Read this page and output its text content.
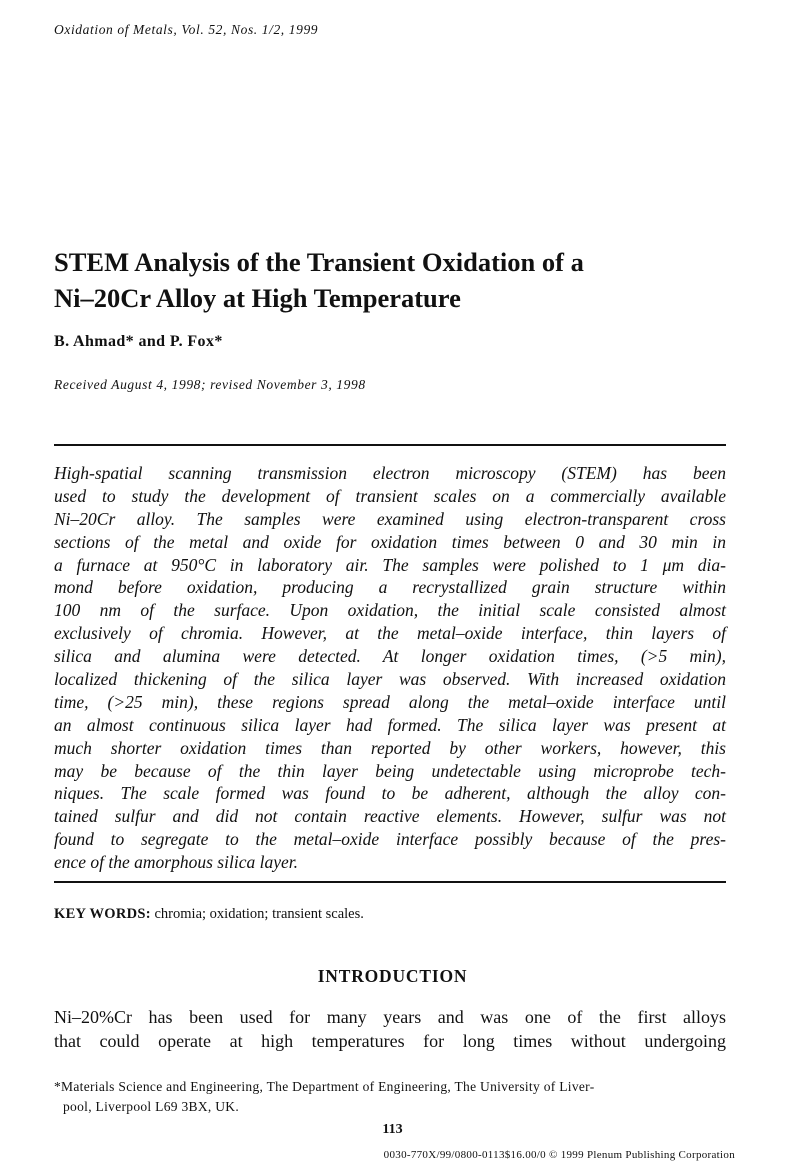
Oxidation of Metals, Vol. 52, Nos. 1/2, 1999
STEM Analysis of the Transient Oxidation of a
Ni–20Cr Alloy at High Temperature
B. Ahmad* and P. Fox*
Received August 4, 1998; revised November 3, 1998
High-spatial scanning transmission electron microscopy (STEM) has been
used to study the development of transient scales on a commercially available
Ni–20Cr alloy. The samples were examined using electron-transparent cross
sections of the metal and oxide for oxidation times between 0 and 30 min in
a furnace at 950°C in laboratory air. The samples were polished to 1 μm dia-
mond before oxidation, producing a recrystallized grain structure within
100 nm of the surface. Upon oxidation, the initial scale consisted almost
exclusively of chromia. However, at the metal–oxide interface, thin layers of
silica and alumina were detected. At longer oxidation times, (>5 min),
localized thickening of the silica layer was observed. With increased oxidation
time, (>25 min), these regions spread along the metal–oxide interface until
an almost continuous silica layer had formed. The silica layer was present at
much shorter oxidation times than reported by other workers, however, this
may be because of the thin layer being undetectable using microprobe tech-
niques. The scale formed was found to be adherent, although the alloy con-
tained sulfur and did not contain reactive elements. However, sulfur was not
found to segregate to the metal–oxide interface possibly because of the pres-
ence of the amorphous silica layer.
KEY WORDS: chromia; oxidation; transient scales.
INTRODUCTION
Ni–20%Cr has been used for many years and was one of the first alloys
that could operate at high temperatures for long times without undergoing
*Materials Science and Engineering, The Department of Engineering, The University of Liver-
pool, Liverpool L69 3BX, UK.
113
0030-770X/99/0800-0113$16.00/0 © 1999 Plenum Publishing Corporation
